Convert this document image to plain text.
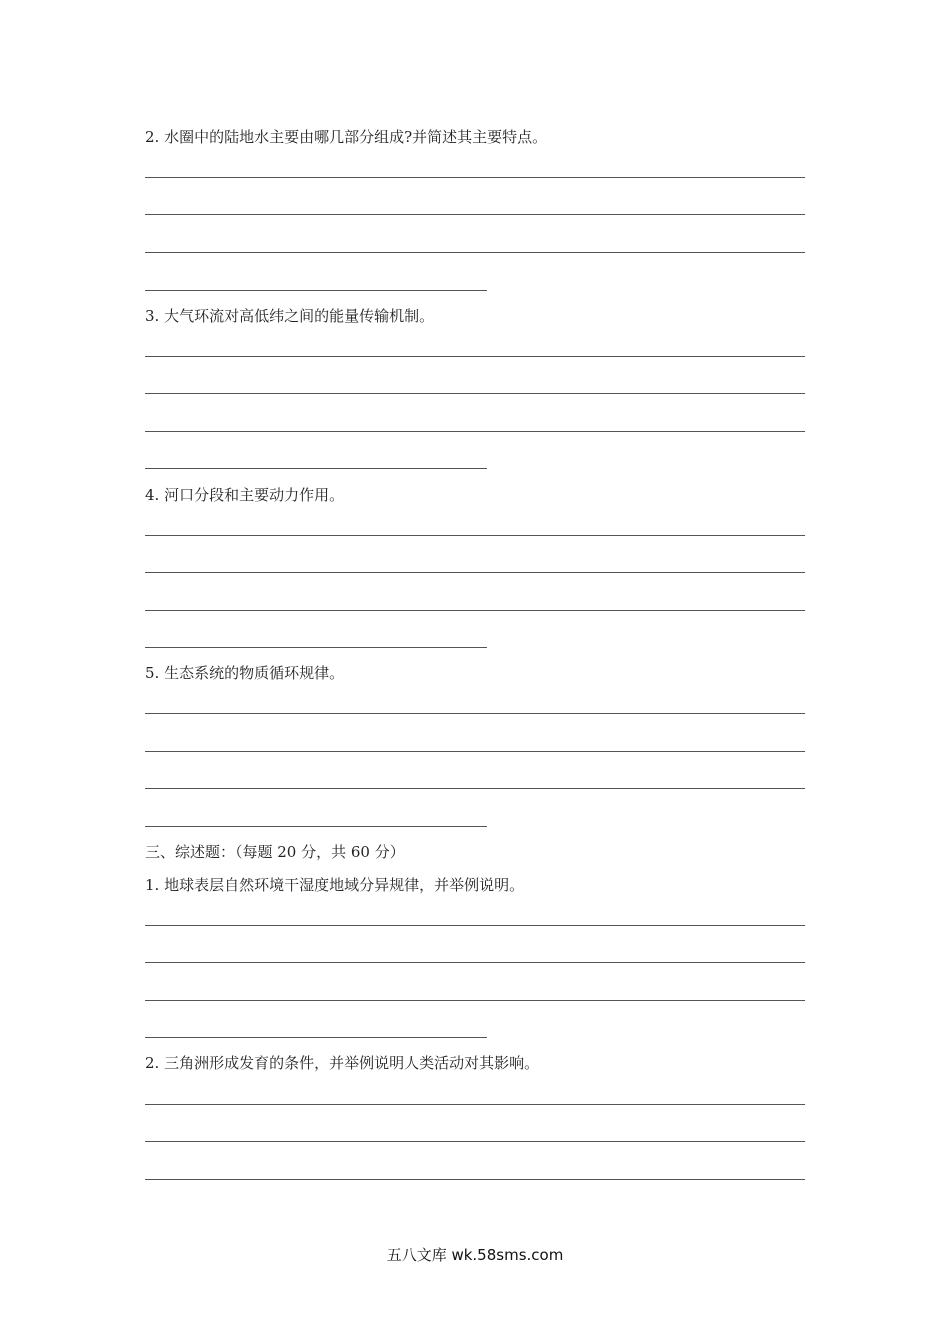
2. 水圈中的陆地水主要由哪几部分组成?并简述其主要特点。
3. 大气环流对高低纬之间的能量传输机制。
4. 河口分段和主要动力作用。
5. 生态系统的物质循环规律。
三、综述题：（每题 20 分，共 60 分）
1. 地球表层自然环境干湿度地域分异规律，并举例说明。
2. 三角洲形成发育的条件，并举例说明人类活动对其影响。
五八文库 wk.58sms.com
